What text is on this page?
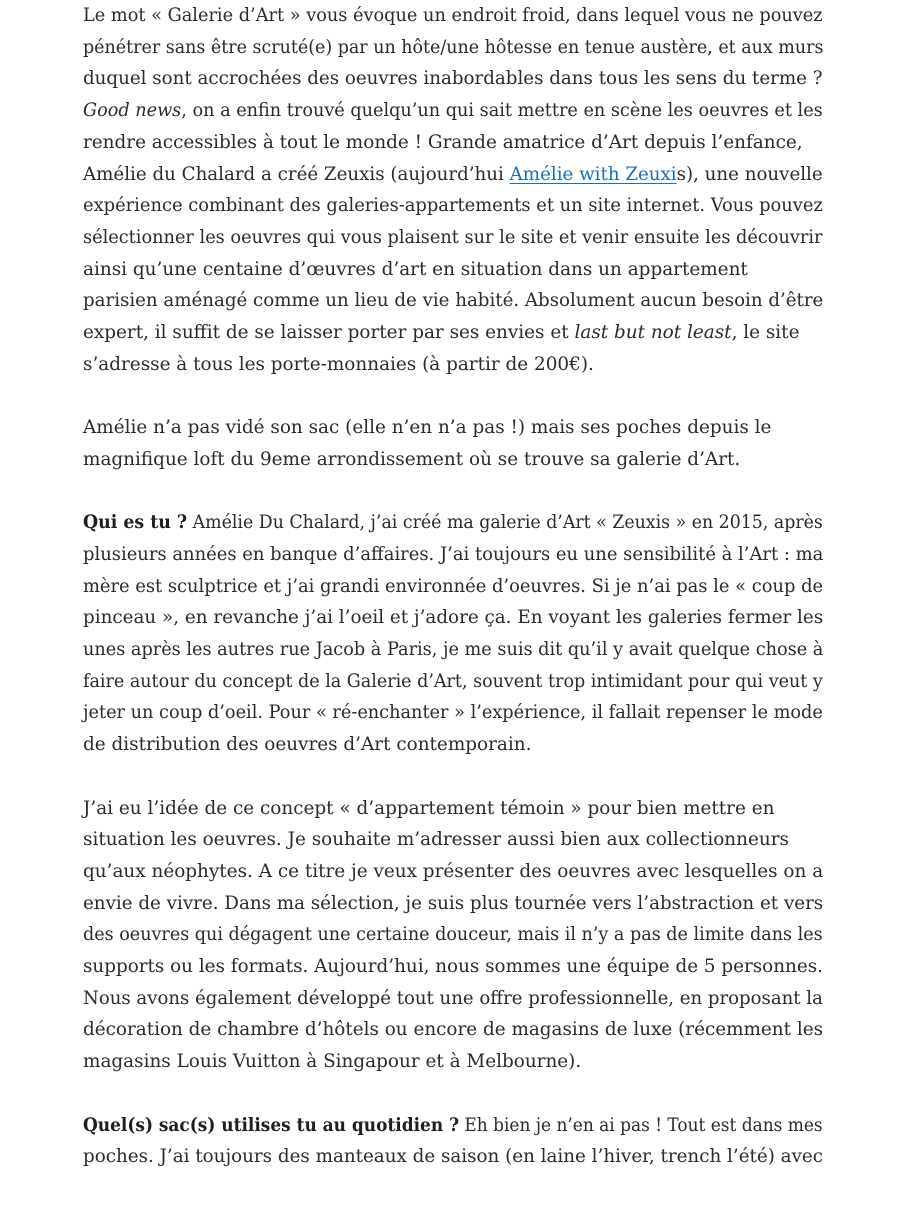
Le mot « Galerie d’Art » vous évoque un endroit froid, dans lequel vous ne pouvez
pénétrer sans être scruté(e) par un hôte/une hôtesse en tenue austère, et aux murs
duquel sont accrochées des oeuvres inabordables dans tous les sens du terme ?
Good news, on a enfin trouvé quelqu’un qui sait mettre en scène les oeuvres et les
rendre accessibles à tout le monde ! Grande amatrice d’Art depuis l’enfance,
Amélie du Chalard a créé Zeuxis (aujourd’hui Amélie with Zeuxis), une nouvelle
expérience combinant des galeries-appartements et un site internet. Vous pouvez
sélectionner les oeuvres qui vous plaisent sur le site et venir ensuite les découvrir
ainsi qu’une centaine d’œuvres d’art en situation dans un appartement
parisien aménagé comme un lieu de vie habité. Absolument aucun besoin d’être
expert, il suffit de se laisser porter par ses envies et last but not least, le site
s’adresse à tous les porte-monnaies (à partir de 200€).

Amélie n’a pas vidé son sac (elle n’en n’a pas !) mais ses poches depuis le
magnifique loft du 9eme arrondissement où se trouve sa galerie d’Art.

Qui es tu ? Amélie Du Chalard, j’ai créé ma galerie d’Art « Zeuxis » en 2015, après
plusieurs années en banque d’affaires. J’ai toujours eu une sensibilité à l’Art : ma
mère est sculptrice et j’ai grandi environnée d’oeuvres. Si je n’ai pas le « coup de
pinceau », en revanche j’ai l’oeil et j’adore ça. En voyant les galeries fermer les
unes après les autres rue Jacob à Paris, je me suis dit qu’il y avait quelque chose à
faire autour du concept de la Galerie d’Art, souvent trop intimidant pour qui veut y
jeter un coup d’oeil. Pour « ré-enchanter » l’expérience, il fallait repenser le mode
de distribution des oeuvres d’Art contemporain.

J’ai eu l’idée de ce concept « d’appartement témoin » pour bien mettre en
situation les oeuvres. Je souhaite m’adresser aussi bien aux collectionneurs
qu’aux néophytes. A ce titre je veux présenter des oeuvres avec lesquelles on a
envie de vivre. Dans ma sélection, je suis plus tournée vers l’abstraction et vers
des oeuvres qui dégagent une certaine douceur, mais il n’y a pas de limite dans les
supports ou les formats. Aujourd’hui, nous sommes une équipe de 5 personnes.
Nous avons également développé tout une offre professionnelle, en proposant la
décoration de chambre d’hôtels ou encore de magasins de luxe (récemment les
magasins Louis Vuitton à Singapour et à Melbourne).

Quel(s) sac(s) utilises tu au quotidien ? Eh bien je n’en ai pas ! Tout est dans mes
poches. J’ai toujours des manteaux de saison (en laine l’hiver, trench l’été) avec
